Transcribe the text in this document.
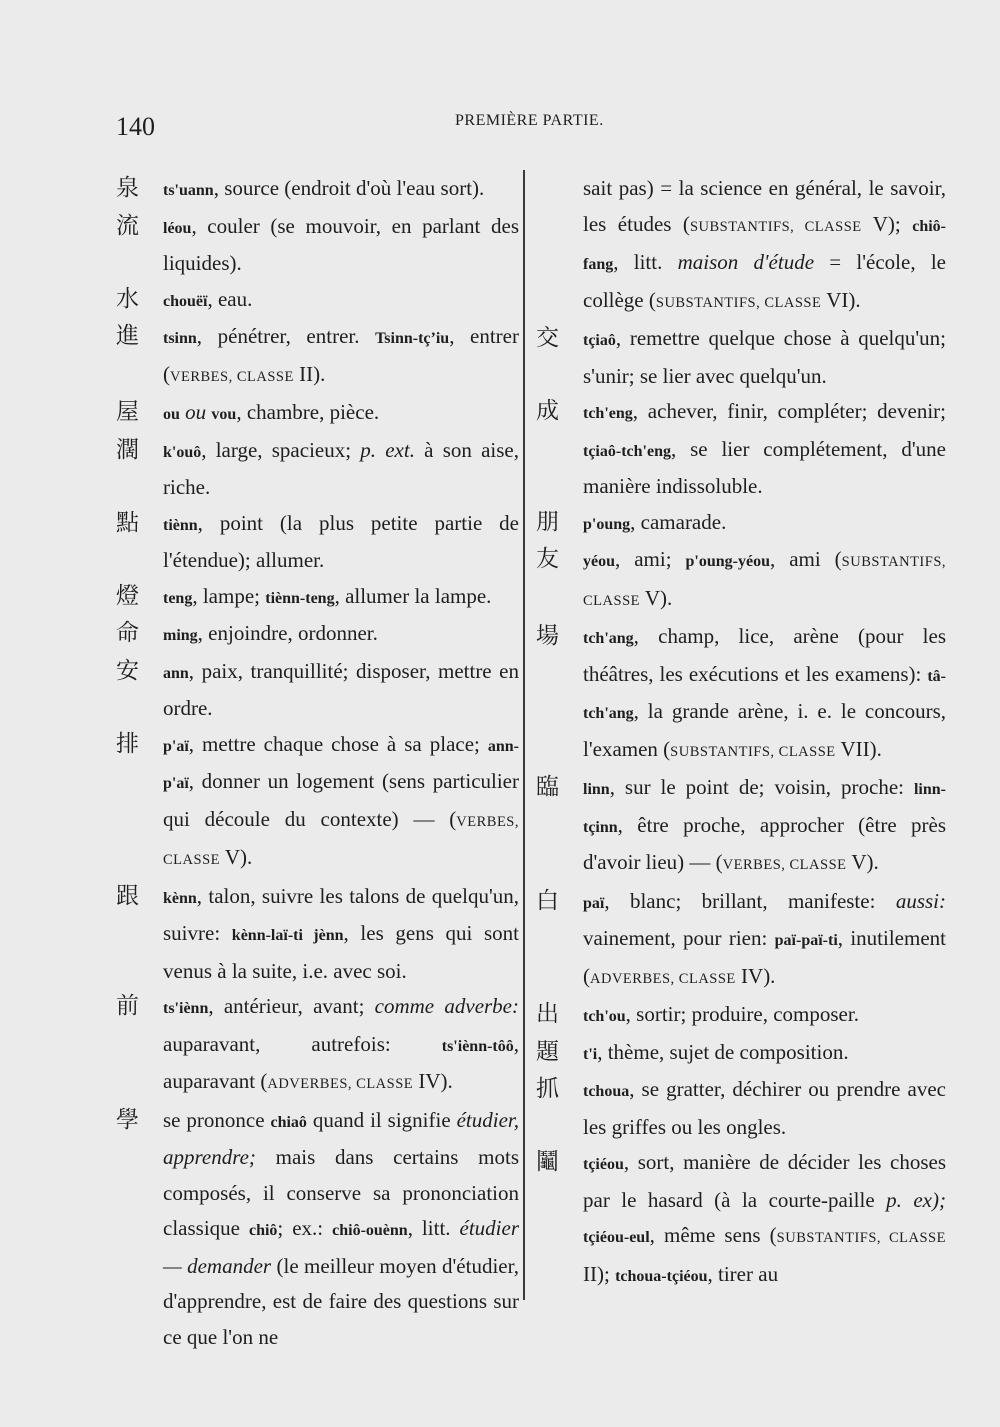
140	PREMIÈRE PARTIE.
泉 ts'uann, source (endroit d'où l'eau sort).
流 léou, couler (se mouvoir, en parlant des liquides).
水 chouëï, eau.
進 tsinn, pénétrer, entrer. Tsinn-tçʼiu, entrer (VERBES, CLASSE II).
屋 ou ou vou, chambre, pièce.
濶 k'ouô, large, spacieux; p. ext. à son aise, riche.
點 tiènn, point (la plus petite partie de l'étendue); allumer.
燈 teng, lampe; tiènn-teng, allumer la lampe.
命 ming, enjoindre, ordonner.
安 ann, paix, tranquillité; disposer, mettre en ordre.
排 p'aï, mettre chaque chose à sa place; ann-p'aï, donner un logement (sens particulier qui découle du contexte) — (VERBES, CLASSE V).
跟 kènn, talon, suivre les talons de quelqu'un, suivre: kènn-laï-ti jènn, les gens qui sont venus à la suite, i.e. avec soi.
前 ts'iènn, antérieur, avant; comme adverbe: auparavant, autrefois: ts'iènn-tôô, auparavant (ADVERBES, CLASSE IV).
學 se prononce chiaô quand il signifie étudier, apprendre; mais dans certains mots composés, il conserve sa prononciation classique chiô; ex.: chiô-ouènn, litt. étudier — demander (le meilleur moyen d'étudier, d'apprendre, est de faire des questions sur ce que l'on ne
sait pas) = la science en général, le savoir, les études (SUBSTANTIFS, CLASSE V); chiô-fang, litt. maison d'étude = l'école, le collège (SUBSTANTIFS, CLASSE VI).
交 tçiaô, remettre quelque chose à quelqu'un; s'unir; se lier avec quelqu'un.
成 tch'eng, achever, finir, compléter; devenir; tçiaô-tch'eng, se lier complétement, d'une manière indissoluble.
朋 p'oung, camarade.
友 yéou, ami; p'oung-yéou, ami (SUBSTANTIFS, CLASSE V).
場 tch'ang, champ, lice, arène (pour les théâtres, les exécutions et les examens): tâ-tch'ang, la grande arène, i. e. le concours, l'examen (SUBSTANTIFS, CLASSE VII).
臨 linn, sur le point de; voisin, proche: linn-tçinn, être proche, approcher (être près d'avoir lieu) — (VERBES, CLASSE V).
白 paï, blanc; brillant, manifeste: aussi: vainement, pour rien: paï-paï-ti, inutilement (ADVERBES, CLASSE IV).
出 tch'ou, sortir; produire, composer.
題 t'i, thème, sujet de composition.
抓 tchoua, se gratter, déchirer ou prendre avec les griffes ou les ongles.
鬮 tçiéou, sort, manière de décider les choses par le hasard (à la courte-paille p. ex); tçiéou-eul, même sens (SUBSTANTIFS, CLASSE II); tchoua-tçiéou, tirer au
